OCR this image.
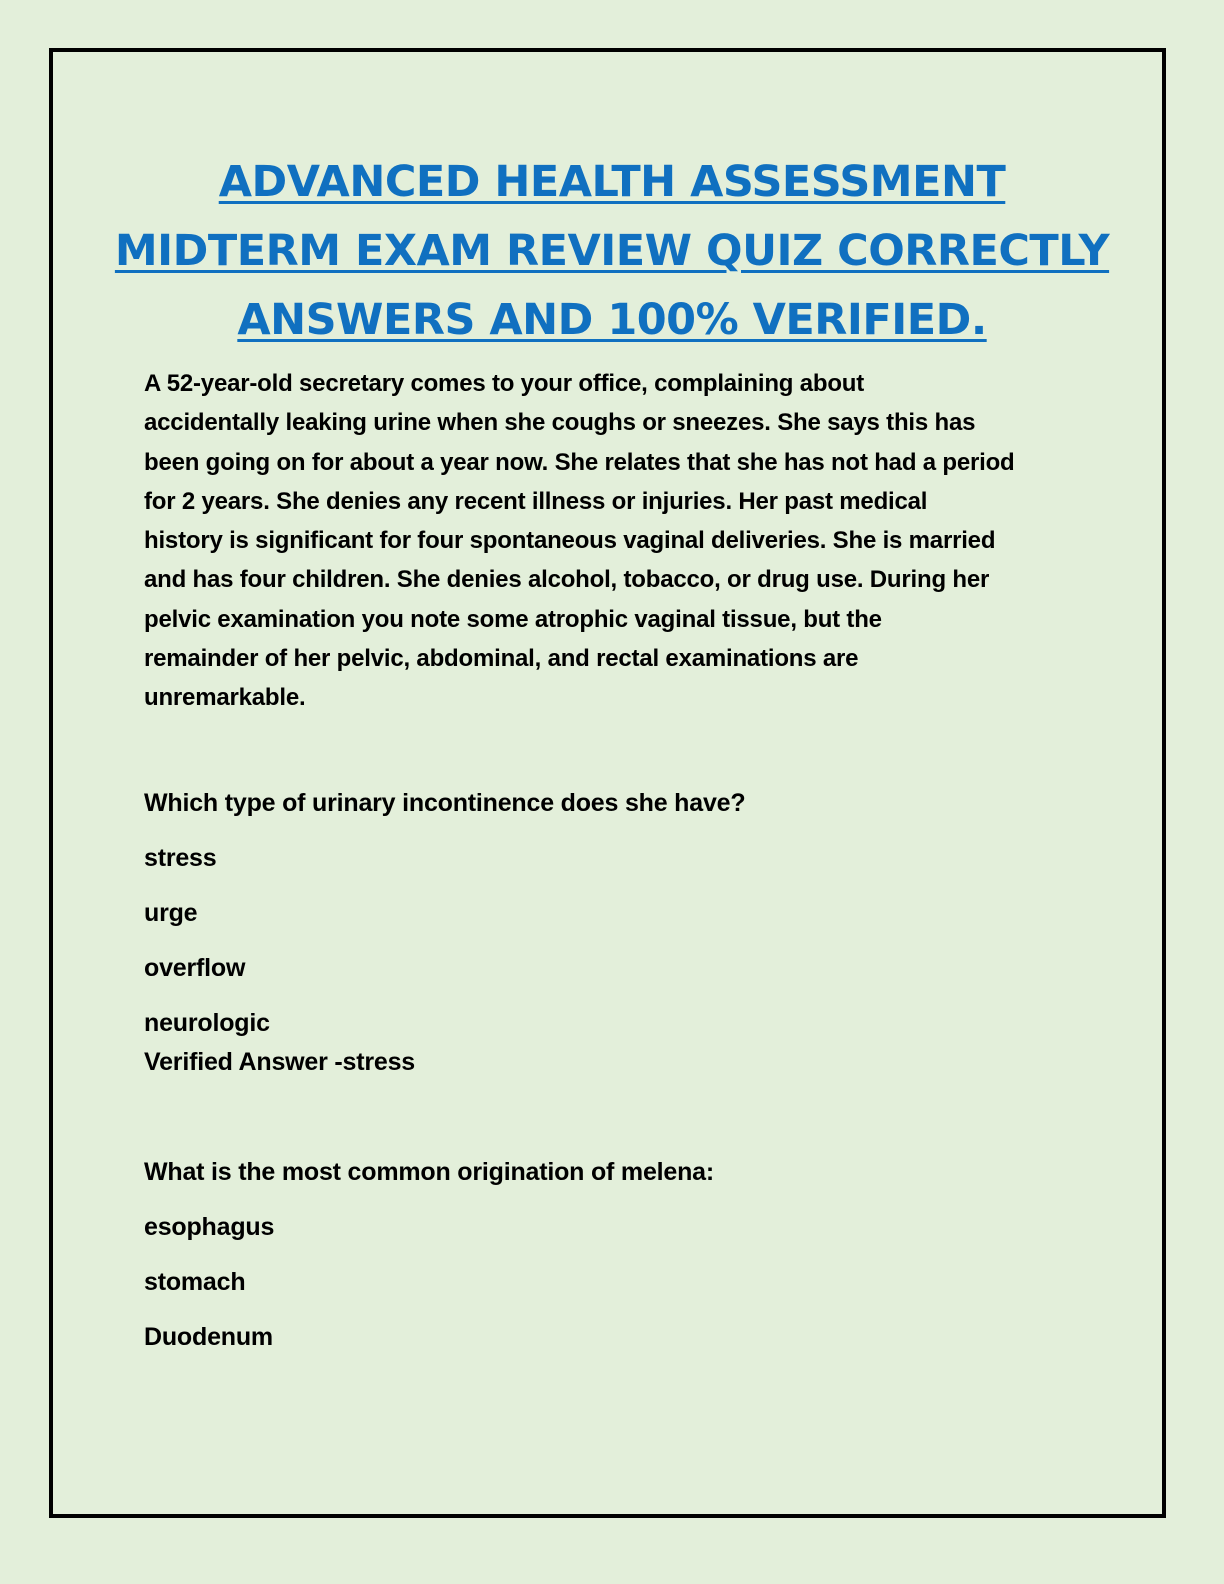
ADVANCED HEALTH ASSESSMENT
MIDTERM EXAM REVIEW QUIZ CORRECTLY
ANSWERS AND 100% VERIFIED.

A 52-year-old secretary comes to your office, complaining about
accidentally leaking urine when she coughs or sneezes. She says this has
been going on for about a year now. She relates that she has not had a period
for 2 years. She denies any recent illness or injuries. Her past medical
history is significant for four spontaneous vaginal deliveries. She is married
and has four children. She denies alcohol, tobacco, or drug use. During her
pelvic examination you note some atrophic vaginal tissue, but the
remainder of her pelvic, abdominal, and rectal examinations are
unremarkable.

Which type of urinary incontinence does she have?

stress

urge

overflow

neurologic

Verified Answer -stress

What is the most common origination of melena:

esophagus

stomach

Duodenum
